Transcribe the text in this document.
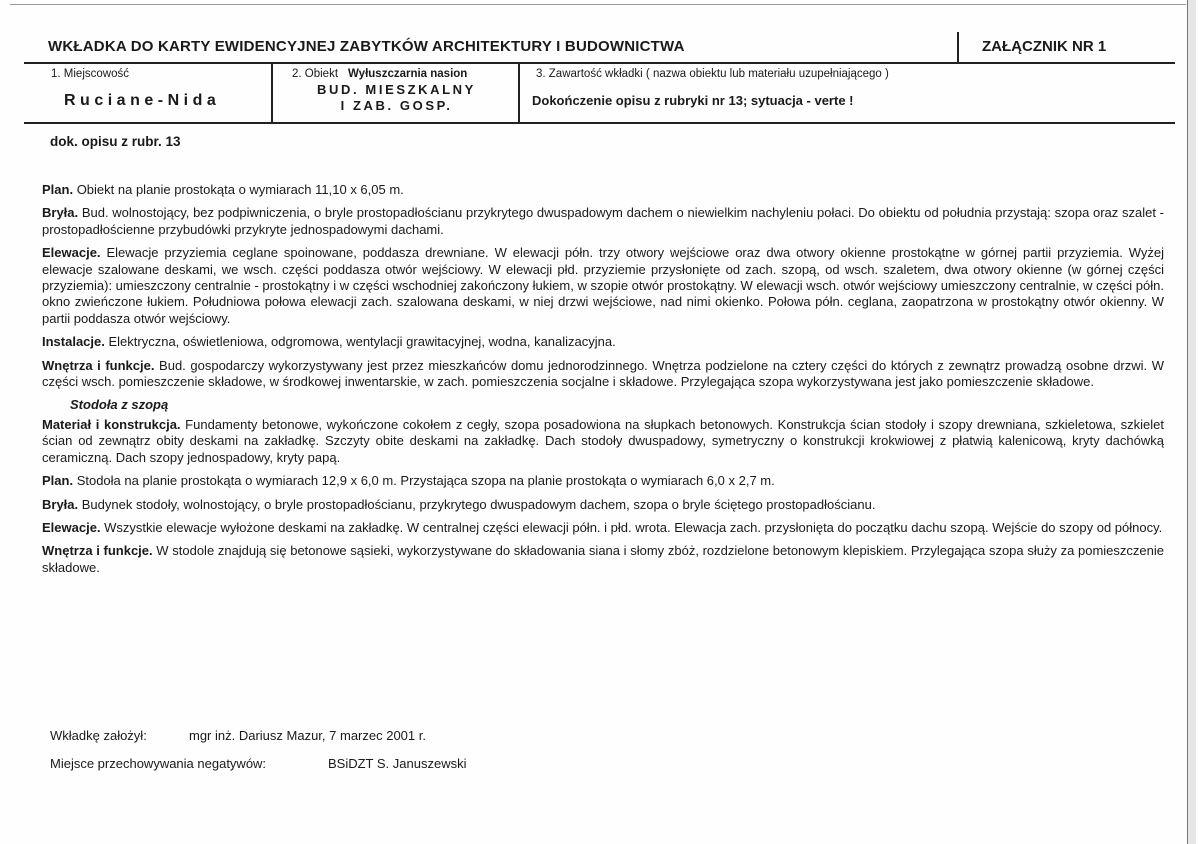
WKŁADKA DO KARTY EWIDENCYJNEJ ZABYTKÓW ARCHITEKTURY I BUDOWNICTWA	ZAŁĄCZNIK NR 1
1. Miejscowość
Ruciane-Nida
2. Obiekt Wyłuszczarnia nasion
BUD. MIESZKALNY
I ZAB. GOSP.
3. Zawartość wkładki ( nazwa obiektu lub materiału uzupełniającego )
Dokończenie opisu z rubryki nr 13; sytuacja - verte !
dok. opisu z rubr. 13

Plan. Obiekt na planie prostokąta o wymiarach 11,10 x 6,05 m.

Bryła. Bud. wolnostojący, bez podpiwniczenia, o bryle prostopadłościanu przykrytego dwuspadowym dachem o niewielkim nachyleniu połaci. Do obiektu od południa przystają: szopa oraz szalet - prostopadłościenne przybudówki przykryte jednospadowymi dachami.

Elewacje. Elewacje przyziemia ceglane spoinowane, poddasza drewniane. W elewacji półn. trzy otwory wejściowe oraz dwa otwory okienne prostokątne w górnej partii przyziemia. Wyżej elewacje szalowane deskami, we wsch. części poddasza otwór wejściowy. W elewacji płd. przyziemie przysłonięte od zach. szopą, od wsch. szaletem, dwa otwory okienne (w górnej części przyziemia): umieszczony centralnie - prostokątny i w części wschodniej zakończony łukiem, w szopie otwór prostokątny. W elewacji wsch. otwór wejściowy umieszczony centralnie, w części półn. okno zwieńczone łukiem. Południowa połowa elewacji zach. szalowana deskami, w niej drzwi wejściowe, nad nimi okienko. Połowa półn. ceglana, zaopatrzona w prostokątny otwór okienny. W partii poddasza otwór wejściowy.

Instalacje. Elektryczna, oświetleniowa, odgromowa, wentylacji grawitacyjnej, wodna, kanalizacyjna.

Wnętrza i funkcje. Bud. gospodarczy wykorzystywany jest przez mieszkańców domu jednorodzinnego. Wnętrza podzielone na cztery części do których z zewnątrz prowadzą osobne drzwi. W części wsch. pomieszczenie składowe, w środkowej inwentarskie, w zach. pomieszczenia socjalne i składowe. Przylegająca szopa wykorzystywana jest jako pomieszczenie składowe.

Stodoła z szopą

Materiał i konstrukcja. Fundamenty betonowe, wykończone cokołem z cegły, szopa posadowiona na słupkach betonowych. Konstrukcja ścian stodoły i szopy drewniana, szkieletowa, szkielet ścian od zewnątrz obity deskami na zakładkę. Szczyty obite deskami na zakładkę. Dach stodoły dwuspadowy, symetryczny o konstrukcji krokwiowej z płatwią kalenicową, kryty dachówką ceramiczną. Dach szopy jednospadowy, kryty papą.

Plan. Stodoła na planie prostokąta o wymiarach 12,9 x 6,0 m. Przystająca szopa na planie prostokąta o wymiarach 6,0 x 2,7 m.

Bryła. Budynek stodoły, wolnostojący, o bryle prostopadłościanu, przykrytego dwuspadowym dachem, szopa o bryle ściętego prostopadłościanu.

Elewacje. Wszystkie elewacje wyłożone deskami na zakładkę. W centralnej części elewacji półn. i płd. wrota. Elewacja zach. przysłonięta do początku dachu szopą. Wejście do szopy od północy.

Wnętrza i funkcje. W stodole znajdują się betonowe sąsieki, wykorzystywane do składowania siana i słomy zbóż, rozdzielone betonowym klepiskiem. Przylegająca szopa służy za pomieszczenie składowe.

Wkładkę założył:	mgr inż. Dariusz Mazur, 7 marzec 2001 r.
Miejsce przechowywania negatywów:	BSiDZT S. Januszewski
